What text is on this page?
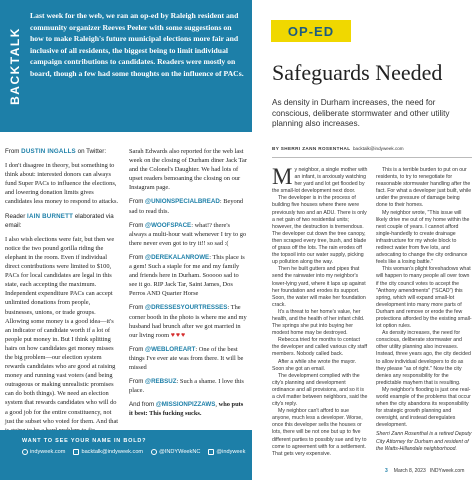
BACKTALK
Last week for the web, we ran an op-ed by Raleigh resident and community organizer Reeves Peeler with some suggestions on how to make Raleigh's future municipal elections more fair and inclusive of all residents, the biggest being to limit individual campaign contributions to candidates. Readers were mostly on board, though a few had some thoughts on the influence of PACs.

From DUSTIN INGALLS on Twitter:

I don't disagree in theory, but something to think about: interested donors can always fund Super PACs to influence the elections, and lowering donation limits gives candidates less money to respond to attacks.

Reader IAIN BURNETT elaborated via email:

I also wish elections were fair, but then we notice the two pound gorilla riding the elephant in the room. Even if individual direct contributions were limited to $100, PACs for local candidates are legal in this state, each accepting the maximum. Independent expenditure PACs can accept unlimited donations from people, businesses, unions, or trade groups. Allowing some money is a good idea—it's an indicator of candidate worth if a lot of people put money in. But I think splitting hairs on how candidates get money misses the big problem—our election system rewards candidates who are good at raising money and running vast voters (and being outrageous or making unrealistic promises can do both things). We need an election system that rewards candidates who will do a good job for the entire constituency, not just the subset who voted for them. And that

Sarah Edwards also reported for the web last week on the closing of Durham diner Jack Tar and the Colonel's Daughter. We had lots of upset readers bemoaning the closing on our Instagram page.

From @UNIONSPECIALBREAD: Beyond sad to read this.

From @WOOFSPACE: what!? there's always a multi-hour wait whenever I try to go there never even got to try it!! so sad :(

From @DEREKALANROWE: This place is a gem! Such a staple for me and my family and friends here in Durham. Sooooo sad to see it go. RIP Jack Tar, Saint James, Dos Perros AND Quarter Horse

From @DRESSESYOURTRESSES: The corner booth in the photo is where me and my husband had brunch after we got married in our living room ♥♥♥

From @WEBLOREART: One of the best things I've ever ate was from there. It will be missed

From @REBSUZ: Such a shame. I love this place.

And from @MISSIONPIZZAWS, who puts it best: This fucking sucks.

WANT TO SEE YOUR NAME IN BOLD?
indyweek.com	backtalk@indyweek.com	@INDYWeekNC	@indyweek
OP-ED
Safeguards Needed
As density in Durham increases, the need for conscious, deliberate stormwater and other utility planning also increases.
BY SHERRI ZANN ROSENTHAL backtalk@indyweek.com

My neighbor, a single mother with an infant, is anxiously watching her yard and lot get flooded by the small-lot development next door.

The developer is in the process of building five houses where there were previously two and an ADU. There is only a net gain of two residential units; however, the destruction is tremendous. The developer cut down the tree canopy, then scraped every tree, bush, and blade of grass off the lots. The rain erodes off the topsoil into our water supply, picking up pollution along the way.

Then he built gutters and pipes that send the rainwater into my neighbor's lower-lying yard, where it laps up against her foundation and erodes its support. Soon, the water will make her foundation crack.

It's a threat to her home's value, her health, and the health of her infant child. The springs she put into buying her modest home may be destroyed.

Rebecca tried for months to contact the developer and called various city staff members. Nobody called back.

After a while she wrote the mayor. Soon she got an email.

The development complied with the city's planning and development ordinance and all provisions, and so it is a civil matter between neighbors, said the city's reply.

My neighbor can't afford to sue anyone, much less a developer. Worse, once this developer sells the houses or lots, there will be not one but up to five different parties to possibly sue and try to come to agreement with for a settlement. That gets very expensive.

This is a terrible burden to put on our residents, to try to renegotiate for reasonable stormwater handling after the fact. For what a developer just built, while under the pressure of damage being done to their homes.

My neighbor wrote, "This issue will likely drive me out of my home within the next couple of years. I cannot afford single-handedly to create drainage infrastructure for my whole block to redirect water from five lots, and advocating to change the city ordinance feels like a losing battle."

This woman's plight foreshadows what will happen to many people all over town if the city council votes to accept the "Anthony amendments" ("SCAD") this spring, which will expand small-lot development into many more parts of Durham and remove or erode the few protections afforded by the existing small-lot option rules.

As density increases, the need for conscious, deliberate stormwater and other utility planning also increases. Instead, three years ago, the city decided to allow individual developers to do as they please "as of right." Now the city denies any responsibility for the predictable mayhem that is resulting.

My neighbor's flooding is just one real-world example of the problems that occur when the city abandons its responsibility for strategic growth planning and oversight, and instead deregulates development.

Sherri Zann Rosenthal is a retired Deputy City Attorney for Durham and resident of the Watts-Hillandale neighborhood.

3 March 8, 2023 INDYweek.com
